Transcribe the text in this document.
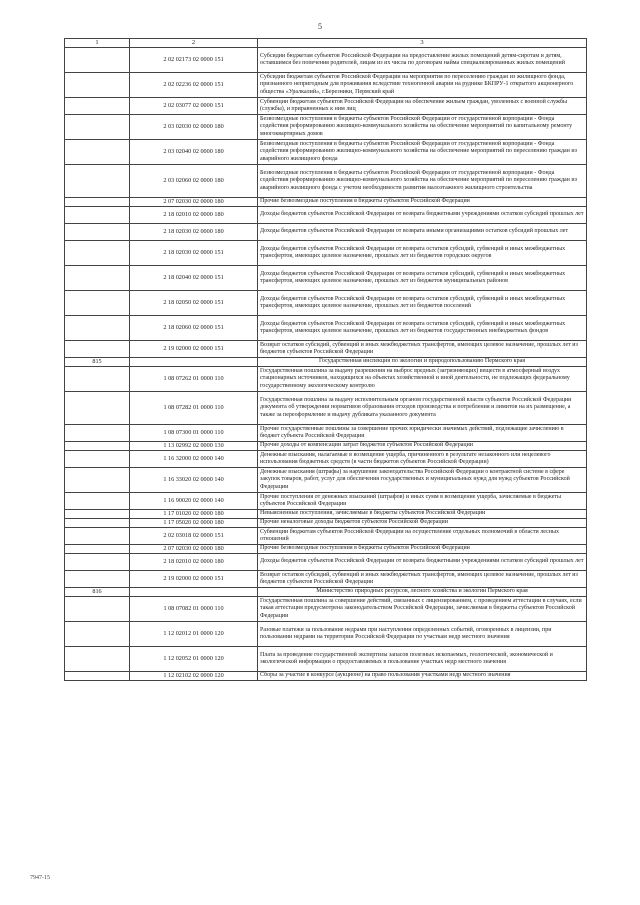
5
1	2	3
	2 02 02173 02 0000 151	Субсидии бюджетам субъектов Российской Федерации на предоставление жилых помещений детям-сиротам и детям, оставшимся без попечения родителей, лицам из их числа по договорам найма специализированных жилых помещений
	2 02 02236 02 0000 151	Субсидии бюджетам субъектов Российской Федерации на мероприятия по переселению граждан из жилищного фонда, признанного непригодным для проживания вследствие техногенной аварии на руднике БКПРУ-1 открытого акционерного общества «Уралкалий», г.Березники, Пермский край
	2 02 03077 02 0000 151	Субвенции бюджетам субъектов Российской Федерации на обеспечение жильем граждан, уволенных с военной службы (службы), и приравненных к ним лиц
	2 03 02030 02 0000 180	Безвозмездные поступления в бюджеты субъектов Российской Федерации от государственной корпорации - Фонда содействия реформированию жилищно-коммунального хозяйства на обеспечение мероприятий по капитальному ремонту многоквартирных домов
	2 03 02040 02 0000 180	Безвозмездные поступления в бюджеты субъектов Российской Федерации от государственной корпорации - Фонда содействия реформированию жилищно-коммунального хозяйства на обеспечение мероприятий по переселению граждан из аварийного жилищного фонда
	2 03 02060 02 0000 180	Безвозмездные поступления в бюджеты субъектов Российской Федерации от государственной корпорации - Фонда содействия реформированию жилищно-коммунального хозяйства на обеспечение мероприятий по переселению граждан из аварийного жилищного фонда с учетом необходимости развития малоэтажного жилищного строительства
	2 07 02030 02 0000 180	Прочие безвозмездные поступления в бюджеты субъектов Российской Федерации
	2 18 02010 02 0000 180	Доходы бюджетов субъектов Российской Федерации от возврата бюджетными учреждениями остатков субсидий прошлых лет
	2 18 02030 02 0000 180	Доходы бюджетов субъектов Российской Федерации от возврата иными организациями остатков субсидий прошлых лет
	2 18 02030 02 0000 151	Доходы бюджетов субъектов Российской Федерации от возврата остатков субсидий, субвенций и иных межбюджетных трансфертов, имеющих целевое назначение, прошлых лет из бюджетов городских округов
	2 18 02040 02 0000 151	Доходы бюджетов субъектов Российской Федерации от возврата остатков субсидий, субвенций и иных межбюджетных трансфертов, имеющих целевое назначение, прошлых лет из бюджетов муниципальных районов
	2 18 02050 02 0000 151	Доходы бюджетов субъектов Российской Федерации от возврата остатков субсидий, субвенций и иных межбюджетных трансфертов, имеющих целевое назначение, прошлых лет из бюджетов поселений
	2 18 02060 02 0000 151	Доходы бюджетов субъектов Российской Федерации от возврата остатков субсидий, субвенций и иных межбюджетных трансфертов, имеющих целевое назначение, прошлых лет из бюджетов государственных внебюджетных фондов
	2 19 02000 02 0000 151	Возврат остатков субсидий, субвенций и иных межбюджетных трансфертов, имеющих целевое назначение, прошлых лет из бюджетов субъектов Российской Федерации
815		Государственная инспекция по экологии и природопользованию Пермского края
	1 08 07262 01 0000 110	Государственная пошлина за выдачу разрешения на выброс вредных (загрязняющих) веществ в атмосферный воздух стационарных источников, находящихся на объектах хозяйственной и иной деятельности, не подлежащих федеральному государственному экологическому контролю
	1 08 07282 01 0000 110	Государственная пошлина за выдачу исполнительным органом государственной власти субъектов Российской Федерации документа об утверждении нормативов образования отходов производства и потребления и лимитов на их размещение, а также за переоформление и выдачу дубликата указанного документа
	1 08 07300 01 0000 110	Прочие государственные пошлины за совершение прочих юридически значимых действий, подлежащие зачислению в бюджет субъекта Российской Федерации
	1 13 02992 02 0000 130	Прочие доходы от компенсации затрат бюджетов субъектов Российской Федерации
	1 16 32000 02 0000 140	Денежные взыскания, налагаемые в возмещение ущерба, причиненного в результате незаконного или нецелевого использования бюджетных средств (в части бюджетов субъектов Российской Федерации)
	1 16 33020 02 0000 140	Денежные взыскания (штрафы) за нарушение законодательства Российской Федерации о контрактной системе в сфере закупок товаров, работ, услуг для обеспечения государственных и муниципальных нужд для нужд субъектов Российской Федерации
	1 16 90020 02 0000 140	Прочие поступления от денежных взысканий (штрафов) и иных сумм в возмещение ущерба, зачисляемые в бюджеты субъектов Российской Федерации
	1 17 01020 02 0000 180	Невыясненные поступления, зачисляемые в бюджеты субъектов Российской Федерации
	1 17 05020 02 0000 180	Прочие неналоговые доходы бюджетов субъектов Российской Федерации
	2 02 03018 02 0000 151	Субвенции бюджетам субъектов Российской Федерации на осуществление отдельных полномочий в области лесных отношений
	2 07 02030 02 0000 180	Прочие безвозмездные поступления в бюджеты субъектов Российской Федерации
	2 18 02010 02 0000 180	Доходы бюджетов субъектов Российской Федерации от возврата бюджетными учреждениями остатков субсидий прошлых лет
	2 19 02000 02 0000 151	Возврат остатков субсидий, субвенций и иных межбюджетных трансфертов, имеющих целевое назначение, прошлых лет из бюджетов субъектов Российской Федерации
816		Министерство природных ресурсов, лесного хозяйства и экологии Пермского края
	1 08 07082 01 0000 110	Государственная пошлина за совершение действий, связанных с лицензированием, с проведением аттестации в случаях, если такая аттестация предусмотрена законодательством Российской Федерации, зачисляемая в бюджеты субъектов Российской Федерации
	1 12 02012 01 0000 120	Разовые платежи за пользование недрами при наступлении определенных событий, оговоренных в лицензии, при пользовании недрами на территории Российской Федерации по участкам недр местного значения
	1 12 02052 01 0000 120	Плата за проведение государственной экспертизы запасов полезных ископаемых, геологической, экономической и экологической информации о предоставляемых в пользование участках недр местного значения
	1 12 02102 02 0000 120	Сборы за участие в конкурсе (аукционе) на право пользования участками недр местного значения
7947-15
